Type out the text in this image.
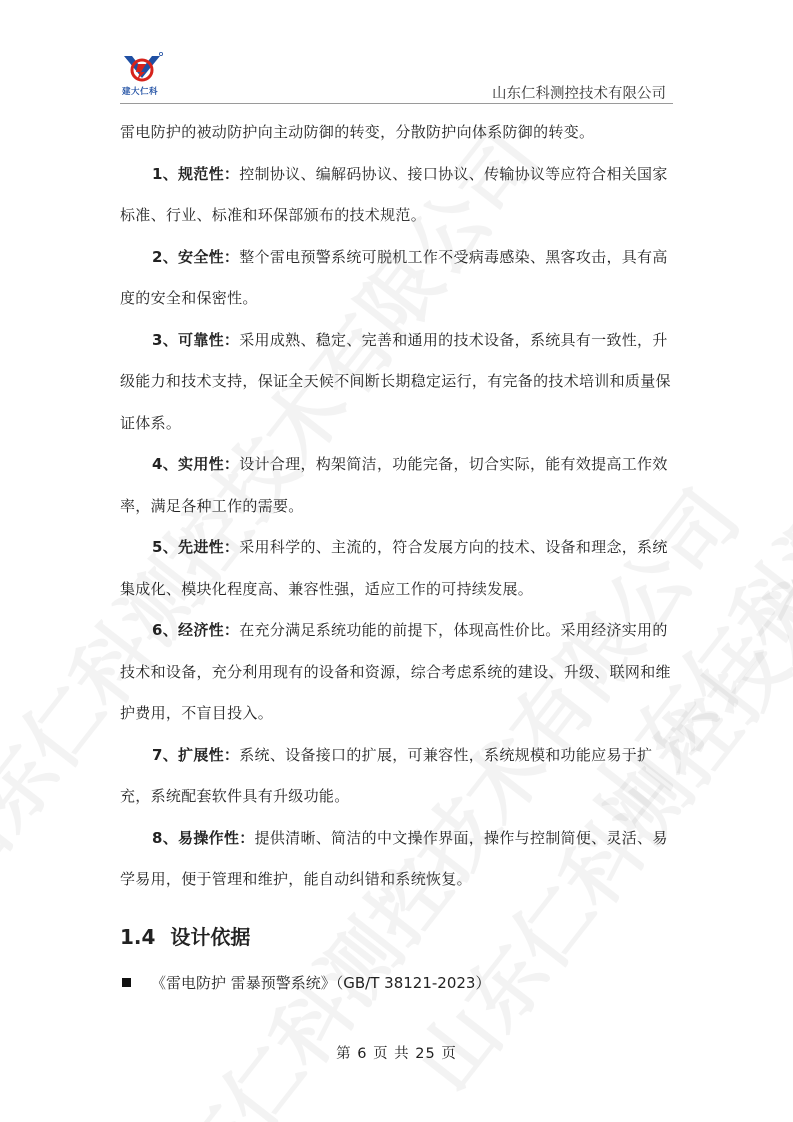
建大仁科	山东仁科测控技术有限公司

雷电防护的被动防护向主动防御的转变，分散防护向体系防御的转变。

1、规范性：控制协议、编解码协议、接口协议、传输协议等应符合相关国家标准、行业、标准和环保部颁布的技术规范。

2、安全性：整个雷电预警系统可脱机工作不受病毒感染、黑客攻击，具有高度的安全和保密性。

3、可靠性：采用成熟、稳定、完善和通用的技术设备，系统具有一致性，升级能力和技术支持，保证全天候不间断长期稳定运行，有完备的技术培训和质量保证体系。

4、实用性：设计合理，构架简洁，功能完备，切合实际，能有效提高工作效率，满足各种工作的需要。

5、先进性：采用科学的、主流的，符合发展方向的技术、设备和理念，系统集成化、模块化程度高、兼容性强，适应工作的可持续发展。

6、经济性：在充分满足系统功能的前提下，体现高性价比。采用经济实用的技术和设备，充分利用现有的设备和资源，综合考虑系统的建设、升级、联网和维护费用，不盲目投入。

7、扩展性：系统、设备接口的扩展，可兼容性，系统规模和功能应易于扩充，系统配套软件具有升级功能。

8、易操作性：提供清晰、简洁的中文操作界面，操作与控制简便、灵活、易学易用，便于管理和维护，能自动纠错和系统恢复。

1.4 设计依据
《雷电防护 雷暴预警系统》（GB/T 38121-2023）
第 6 页 共 25 页
